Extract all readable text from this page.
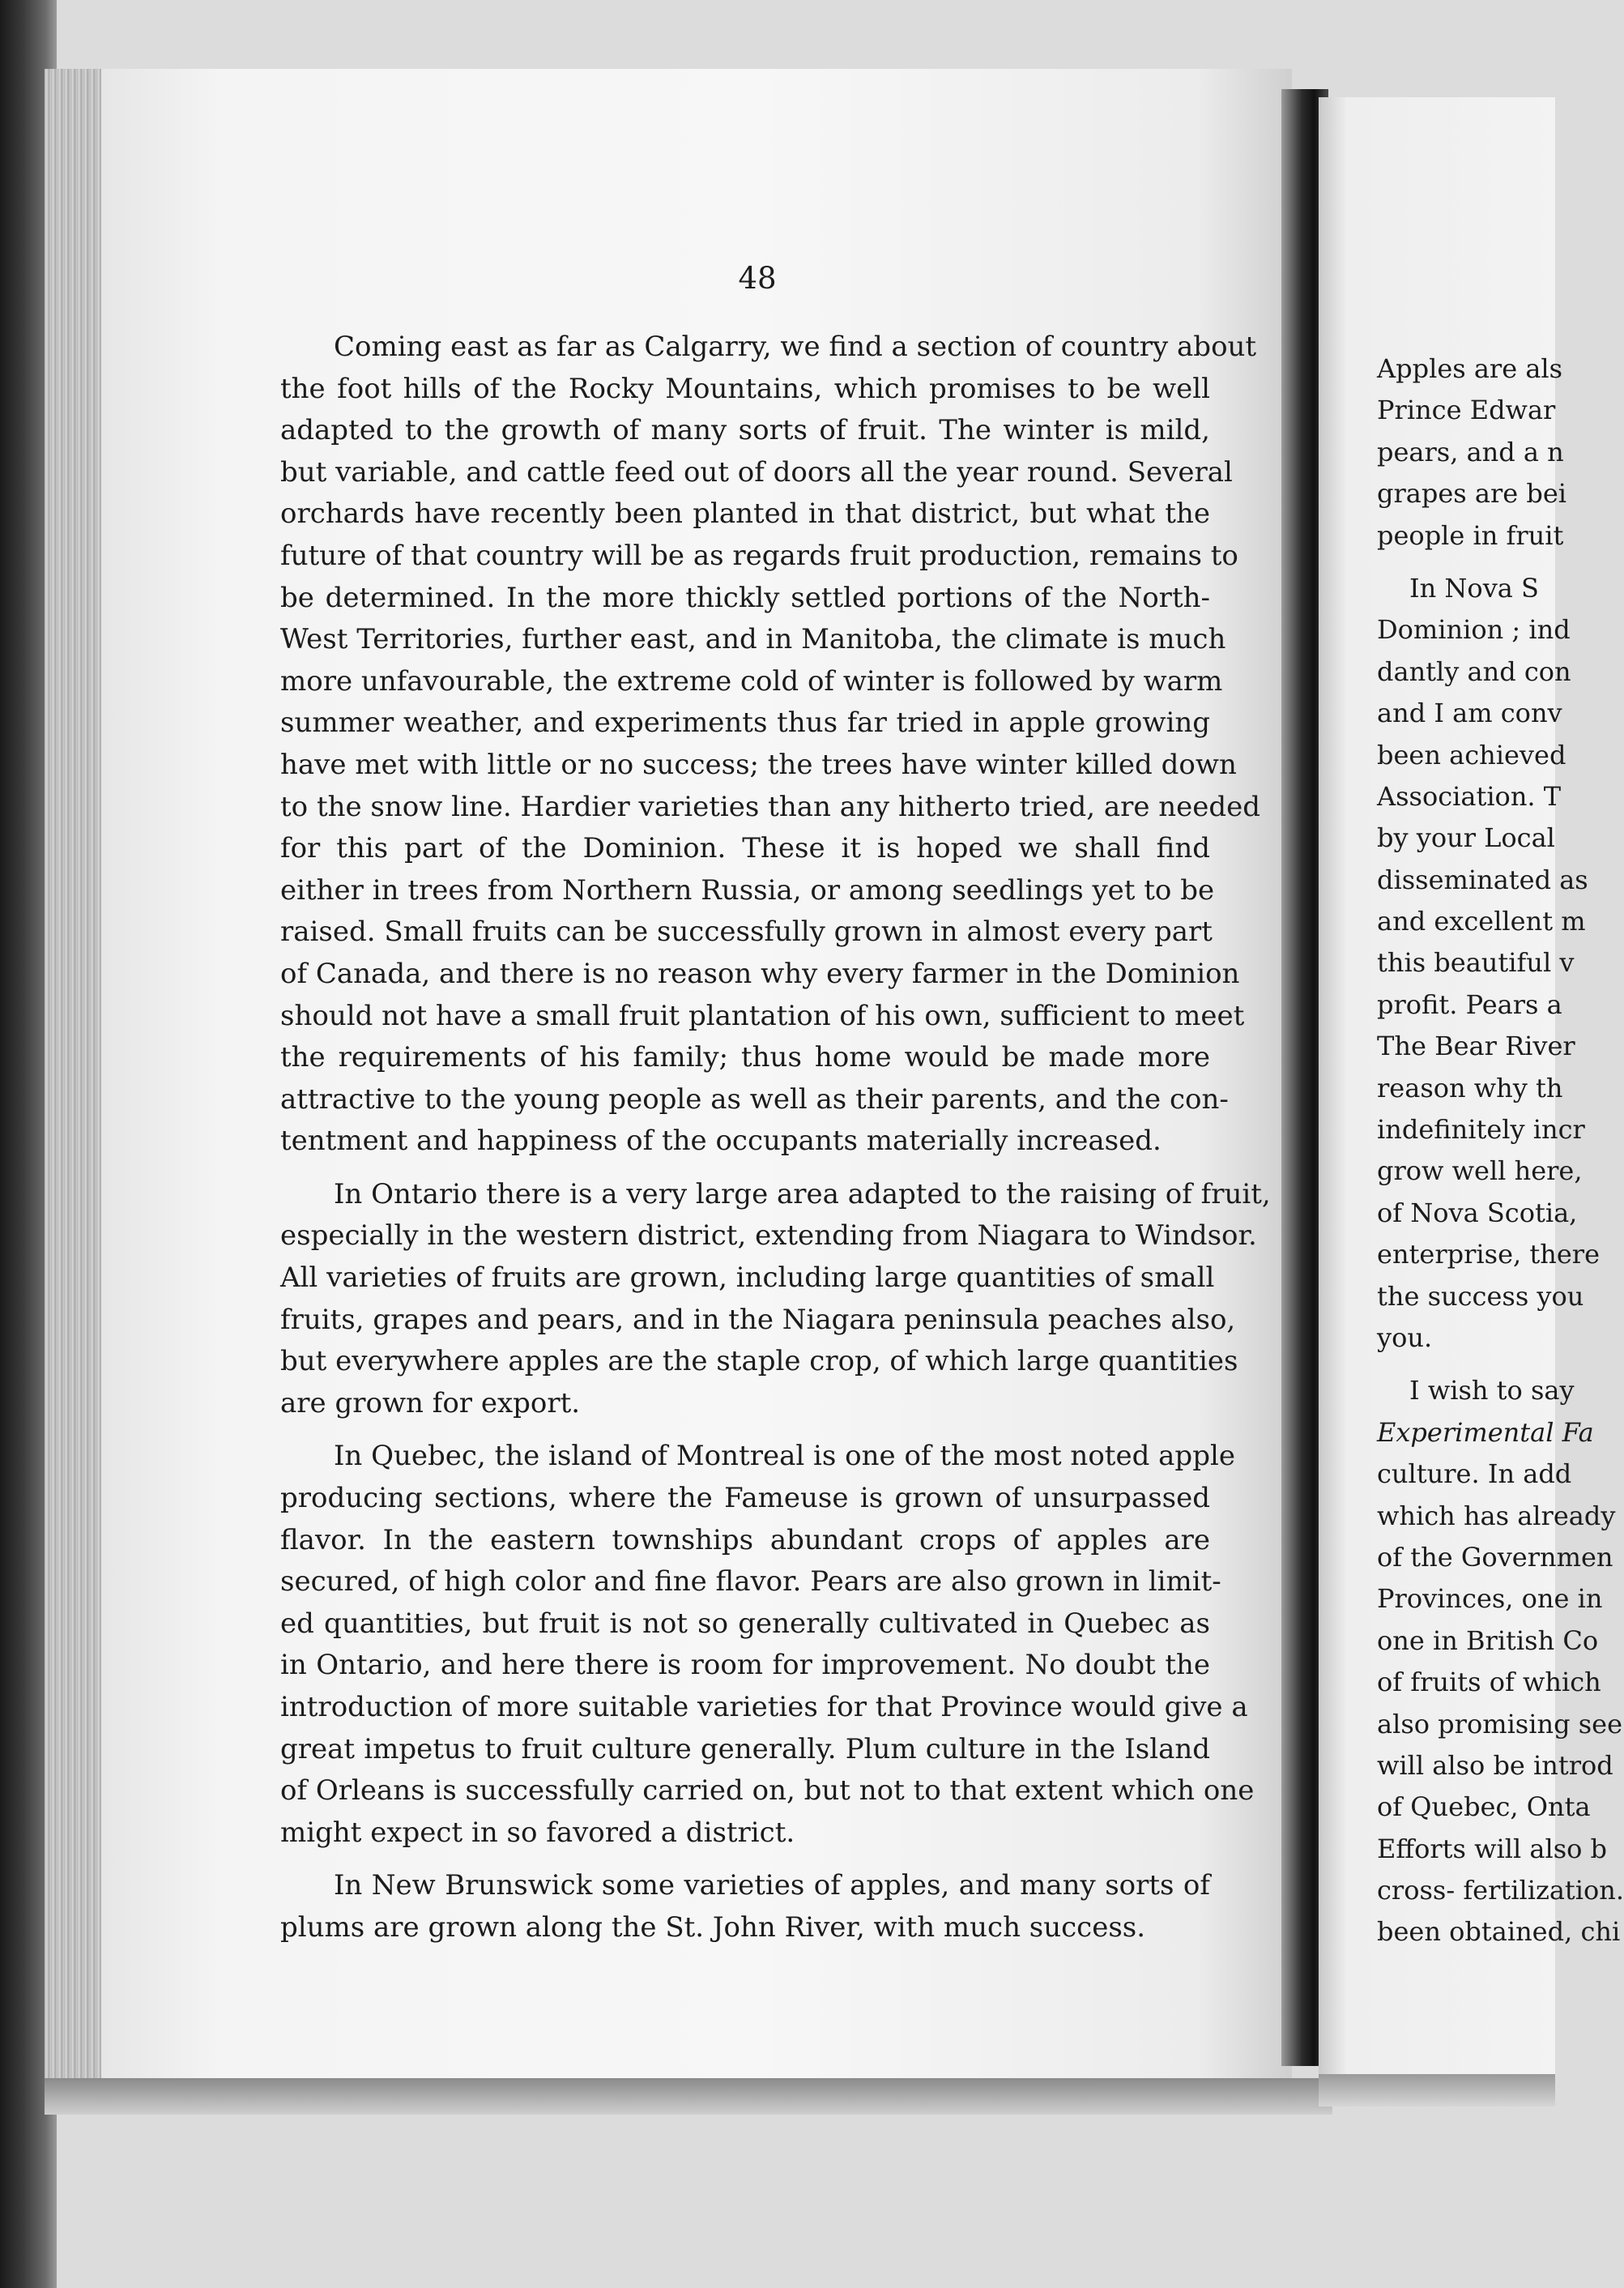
48
Coming east as far as Calgarry, we find a section of country about
the foot hills of the Rocky Mountains, which promises to be well
adapted to the growth of many sorts of fruit. The winter is mild,
but variable, and cattle feed out of doors all the year round. Several
orchards have recently been planted in that district, but what the
future of that country will be as regards fruit production, remains to
be determined. In the more thickly settled portions of the North-
West Territories, further east, and in Manitoba, the climate is much
more unfavourable, the extreme cold of winter is followed by warm
summer weather, and experiments thus far tried in apple growing
have met with little or no success; the trees have winter killed down
to the snow line. Hardier varieties than any hitherto tried, are needed
for this part of the Dominion. These it is hoped we shall find
either in trees from Northern Russia, or among seedlings yet to be
raised. Small fruits can be successfully grown in almost every part
of Canada, and there is no reason why every farmer in the Dominion
should not have a small fruit plantation of his own, sufficient to meet
the requirements of his family; thus home would be made more
attractive to the young people as well as their parents, and the con-
tentment and happiness of the occupants materially increased.
In Ontario there is a very large area adapted to the raising of fruit,
especially in the western district, extending from Niagara to Windsor.
All varieties of fruits are grown, including large quantities of small
fruits, grapes and pears, and in the Niagara peninsula peaches also,
but everywhere apples are the staple crop, of which large quantities
are grown for export.
In Quebec, the island of Montreal is one of the most noted apple
producing sections, where the Fameuse is grown of unsurpassed
flavor. In the eastern townships abundant crops of apples are
secured, of high color and fine flavor. Pears are also grown in limit-
ed quantities, but fruit is not so generally cultivated in Quebec as
in Ontario, and here there is room for improvement. No doubt the
introduction of more suitable varieties for that Province would give a
great impetus to fruit culture generally. Plum culture in the Island
of Orleans is successfully carried on, but not to that extent which one
might expect in so favored a district.
In New Brunswick some varieties of apples, and many sorts of
plums are grown along the St. John River, with much success.
Apples are als
Prince Edwar
pears, and a n
grapes are bei
people in fruit
In Nova S
Dominion ; ind
dantly and con
and I am conv
been achieved
Association. T
by your Local
disseminated as
and excellent m
this beautiful v
profit. Pears a
The Bear River
reason why th
indefinitely incr
grow well here,
of Nova Scotia,
enterprise, there
the success you
you.
I wish to say
Experimental Fa
culture. In add
which has already
of the Governmen
Provinces, one in
one in British Co
of fruits of which
also promising see
will also be introd
of Quebec, Onta
Efforts will also b
cross- fertilization.
been obtained, chi
